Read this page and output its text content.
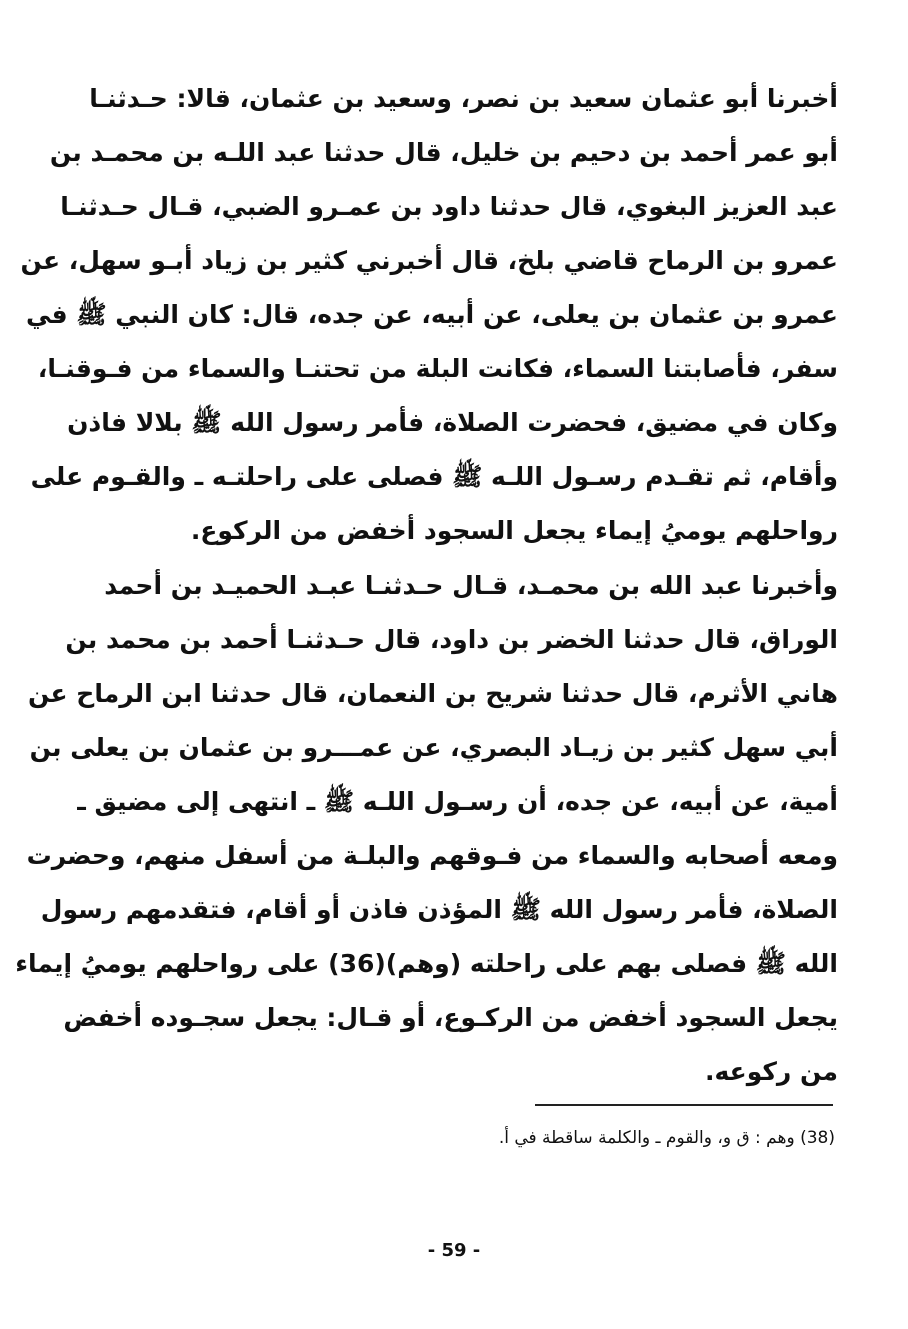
أخبرنا أبو عثمان سعيد بن نصر، وسعيد بن عثمان، قالا: حـدثنـا
أبو عمر أحمد بن دحيم بن خليل، قال حدثنا عبد اللـه بن محمـد بن
عبد العزيز البغوي، قال حدثنا داود بن عمـرو الضبي، قـال حـدثنـا
عمرو بن الرماح قاضي بلخ، قال أخبرني كثير بن زياد أبـو سهل، عن
عمرو بن عثمان بن يعلى، عن أبيه، عن جده، قال: كان النبي ﷺ في
سفر، فأصابتنا السماء، فكانت البلة من تحتنـا والسماء من فـوقنـا،
وكان في مضيق، فحضرت الصلاة، فأمر رسول الله ﷺ بلالا فاذن
وأقام، ثم تقـدم رسـول اللـه ﷺ فصلى على راحلتـه ـ والقـوم على
رواحلهم يوميُ إيماء يجعل السجود أخفض من الركوع.
وأخبرنا عبد الله بن محمـد، قـال حـدثنـا عبـد الحميـد بن أحمد
الوراق، قال حدثنا الخضر بن داود، قال حـدثنـا أحمد بن محمد بن
هاني الأثرم، قال حدثنا شريح بن النعمان، قال حدثنا ابن الرماح عن
أبي سهل كثير بن زيـاد البصري، عن عمـــرو بن عثمان بن يعلى بن
أمية، عن أبيه، عن جده، أن رسـول اللـه ﷺ ـ انتهى إلى مضيق ـ
ومعه أصحابه والسماء من فـوقهم والبلـة من أسفل منهم، وحضرت
الصلاة، فأمر رسول الله ﷺ المؤذن فاذن أو أقام، فتقدمهم رسول
الله ﷺ فصلى بهم على راحلته (وهم)(36) على رواحلهم يوميُ إيماء
يجعل السجود أخفض من الركـوع، أو قـال: يجعل سجـوده أخفض
من ركوعه.
(38) وهم : ق و، والقوم ـ والكلمة ساقطة في أ.
- 59 -
